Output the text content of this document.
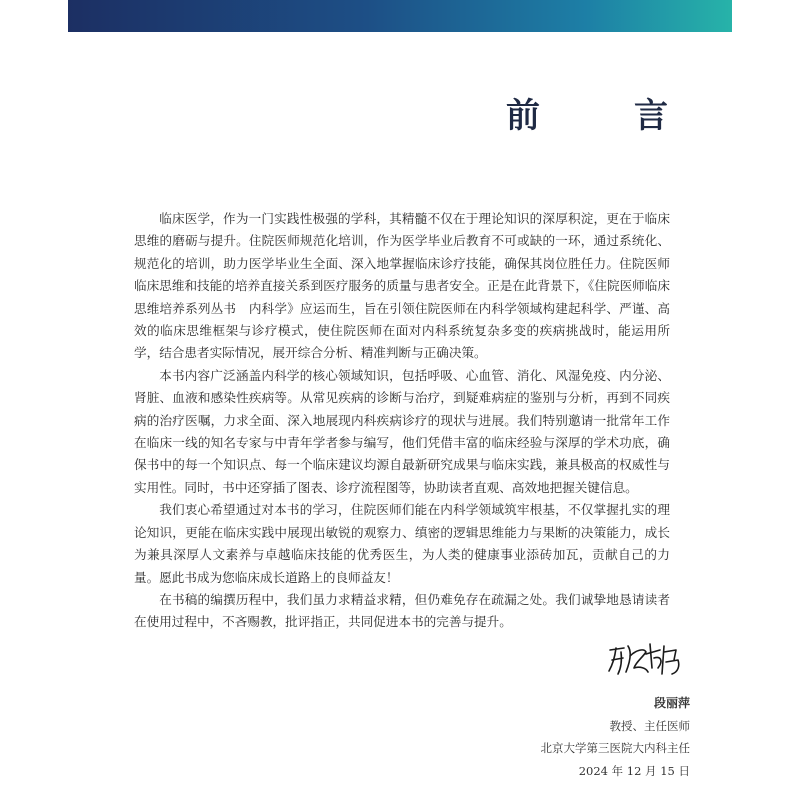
前　言

临床医学，作为一门实践性极强的学科，其精髓不仅在于理论知识的深厚积淀，更在于临床思维的磨砺与提升。住院医师规范化培训，作为医学毕业后教育不可或缺的一环，通过系统化、规范化的培训，助力医学毕业生全面、深入地掌握临床诊疗技能，确保其岗位胜任力。住院医师临床思维和技能的培养直接关系到医疗服务的质量与患者安全。正是在此背景下，《住院医师临床思维培养系列丛书　内科学》应运而生，旨在引领住院医师在内科学领域构建起科学、严谨、高效的临床思维框架与诊疗模式，使住院医师在面对内科系统复杂多变的疾病挑战时，能运用所学，结合患者实际情况，展开综合分析、精准判断与正确决策。

本书内容广泛涵盖内科学的核心领域知识，包括呼吸、心血管、消化、风湿免疫、内分泌、肾脏、血液和感染性疾病等。从常见疾病的诊断与治疗，到疑难病症的鉴别与分析，再到不同疾病的治疗医嘱，力求全面、深入地展现内科疾病诊疗的现状与进展。我们特别邀请一批常年工作在临床一线的知名专家与中青年学者参与编写，他们凭借丰富的临床经验与深厚的学术功底，确保书中的每一个知识点、每一个临床建议均源自最新研究成果与临床实践，兼具极高的权威性与实用性。同时，书中还穿插了图表、诊疗流程图等，协助读者直观、高效地把握关键信息。

我们衷心希望通过对本书的学习，住院医师们能在内科学领域筑牢根基，不仅掌握扎实的理论知识，更能在临床实践中展现出敏锐的观察力、缜密的逻辑思维能力与果断的决策能力，成长为兼具深厚人文素养与卓越临床技能的优秀医生，为人类的健康事业添砖加瓦，贡献自己的力量。愿此书成为您临床成长道路上的良师益友！

在书稿的编撰历程中，我们虽力求精益求精，但仍难免存在疏漏之处。我们诚挚地恳请读者在使用过程中，不吝赐教，批评指正，共同促进本书的完善与提升。

段丽萍
教授、主任医师
北京大学第三医院大内科主任
2024 年 12 月 15 日
